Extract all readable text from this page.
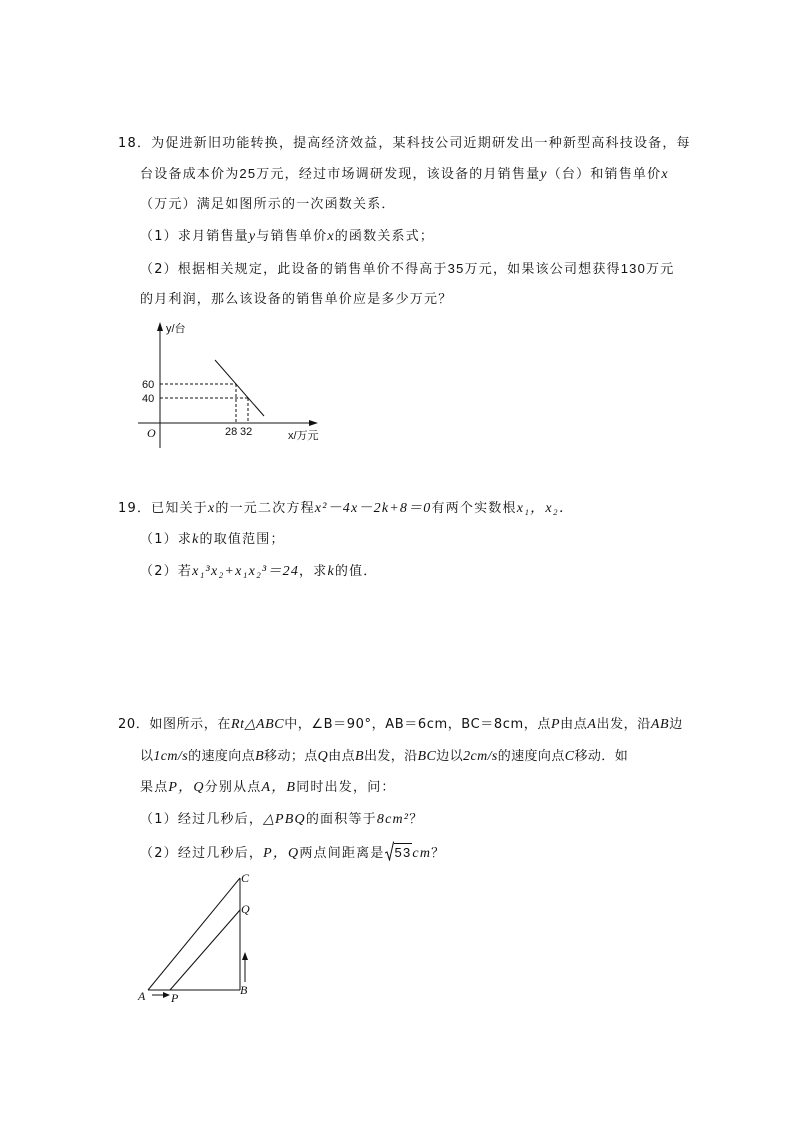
18．为促进新旧功能转换，提高经济效益，某科技公司近期研发出一种新型高科技设备，每
台设备成本价为25万元，经过市场调研发现，该设备的月销售量y（台）和销售单价x
（万元）满足如图所示的一次函数关系．
（1）求月销售量y与销售单价x的函数关系式；
（2）根据相关规定，此设备的销售单价不得高于35万元，如果该公司想获得130万元
的月利润，那么该设备的销售单价应是多少万元？
y/台
x/万元
O
60
40
28 32
19．已知关于x的一元二次方程x²－4x－2k+8＝0有两个实数根x₁，x₂．
（1）求k的取值范围；
（2）若x₁³x₂+x₁x₂³＝24，求k的值．
20．如图所示，在Rt△ABC中，∠B＝90°，AB＝6cm，BC＝8cm，点P由点A出发，沿AB边
以1cm/s的速度向点B移动；点Q由点B出发，沿BC边以2cm/s的速度向点C移动．如
果点P，Q分别从点A，B同时出发，问：
（1）经过几秒后，△PBQ的面积等于8cm²？
（2）经过几秒后，P，Q两点间距离是 53cm？
A P
B
Q
C
